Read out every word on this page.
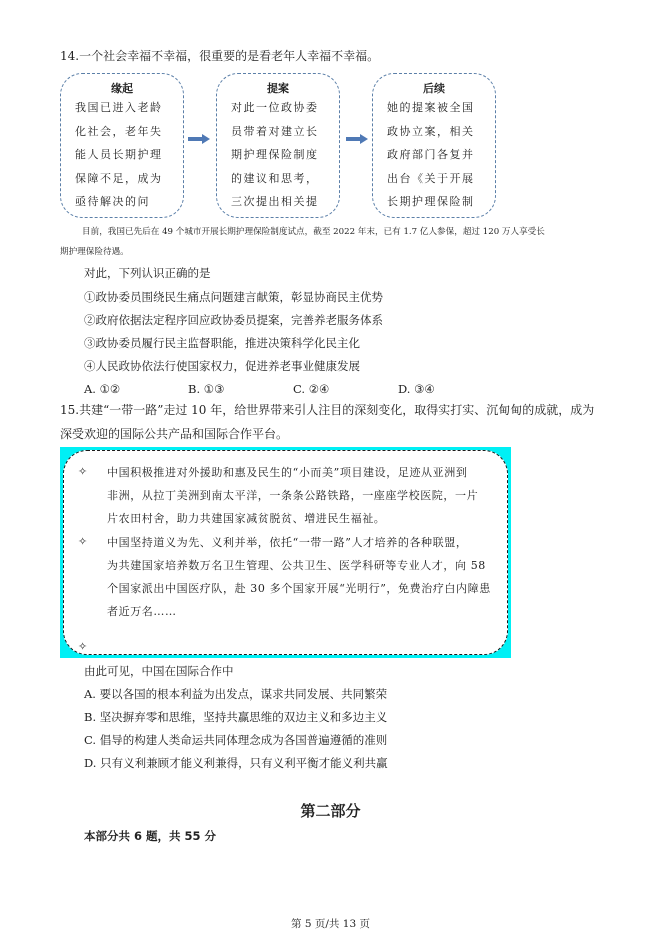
14.一个社会幸福不幸福，很重要的是看老年人幸福不幸福。
缘起
我国已进入老龄
化社会，老年失
能人员长期护理
保障不足，成为
亟待解决的问
提案
对此一位政协委
员带着对建立长
期护理保险制度
的建议和思考，
三次提出相关提
后续
她的提案被全国
政协立案，相关
政府部门各复并
出台《关于开展
长期护理保险制
目前，我国已先后在 49 个城市开展长期护理保险制度试点，截至 2022 年末，已有 1.7 亿人参保，超过 120 万人享受长
期护理保险待遇。
对此，下列认识正确的是
①政协委员围绕民生痛点问题建言献策，彰显协商民主优势
②政府依据法定程序回应政协委员提案，完善养老服务体系
③政协委员履行民主监督职能，推进决策科学化民主化
④人民政协依法行使国家权力，促进养老事业健康发展
A. ①②	B. ①③	C. ②④	D. ③④
15.共建“一带一路”走过 10 年，给世界带来引人注目的深刻变化，取得实打实、沉甸甸的成就，成为
深受欢迎的国际公共产品和国际合作平台。
✧ 中国积极推进对外援助和惠及民生的“小而美”项目建设，足迹从亚洲到
非洲，从拉丁美洲到南太平洋，一条条公路铁路，一座座学校医院，一片
片农田村舍，助力共建国家减贫脱贫、增进民生福祉。
✧ 中国坚持道义为先、义利并举，依托“一带一路”人才培养的各种联盟，
为共建国家培养数万名卫生管理、公共卫生、医学科研等专业人才，向 58
个国家派出中国医疗队，赴 30 多个国家开展“光明行”，免费治疗白内障患
者近万名……
✧
由此可见，中国在国际合作中
A. 要以各国的根本利益为出发点，谋求共同发展、共同繁荣
B. 坚决摒弃零和思维，坚持共赢思维的双边主义和多边主义
C. 倡导的构建人类命运共同体理念成为各国普遍遵循的准则
D. 只有义利兼顾才能义利兼得，只有义利平衡才能义利共赢
第二部分
本部分共 6 题，共 55 分
第 5 页/共 13 页
